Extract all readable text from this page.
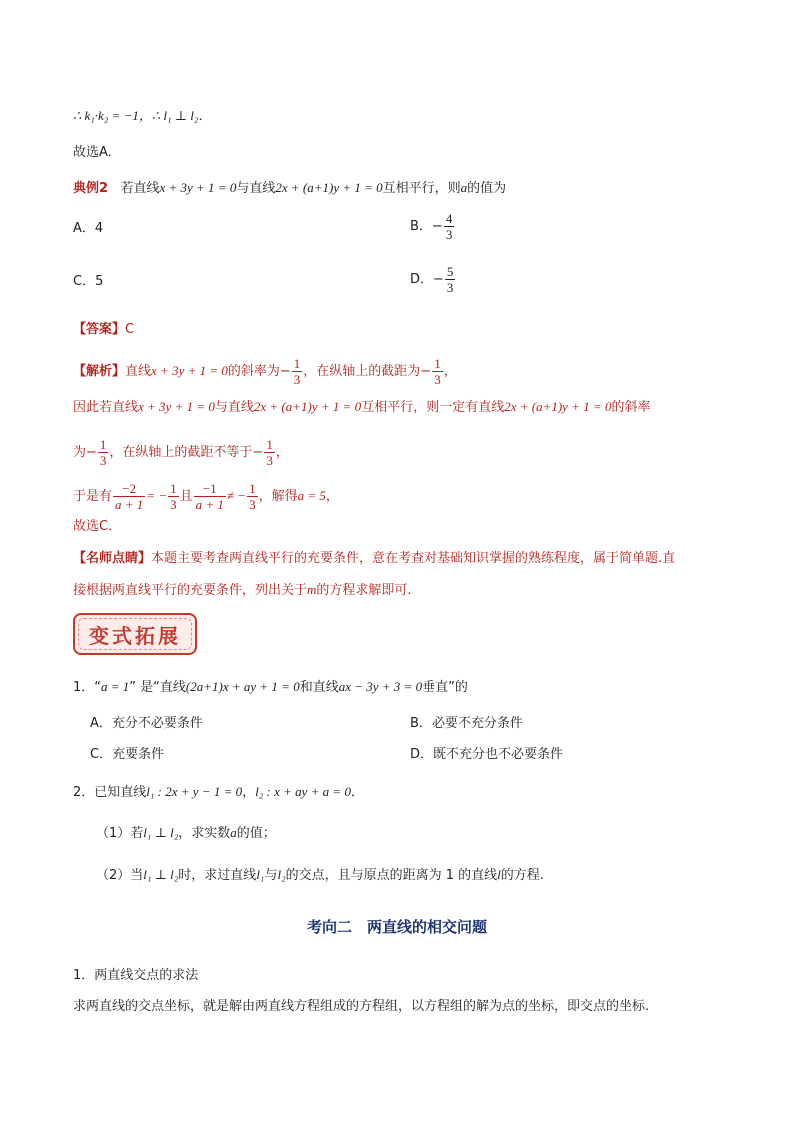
∴ k₁·k₂ = −1，∴ l₁ ⊥ l₂．
故选A.
典例2 若直线x + 3y + 1 = 0与直线2x + (a+1)y + 1 = 0互相平行，则a的值为
A．4	B．− $\frac{4}{3}$
C．5	D．− $\frac{5}{3}$
【答案】C
【解析】直线x + 3y + 1 = 0的斜率为− $\frac{1}{3}$ ，在纵轴上的截距为− $\frac{1}{3}$ ，
因此若直线x + 3y + 1 = 0与直线2x + (a+1)y + 1 = 0互相平行，则一定有直线2x + (a+1)y + 1 = 0的斜率
为− $\frac{1}{3}$ ，在纵轴上的截距不等于− $\frac{1}{3}$ ，
于是有 $\frac{-2}{a + 1}$ = − $\frac{1}{3}$ 且 $\frac{-1}{a + 1}$ ≠ − $\frac{1}{3}$ ，解得a = 5，
故选C．
【名师点睛】本题主要考查两直线平行的充要条件，意在考查对基础知识掌握的熟练程度，属于简单题.直
接根据两直线平行的充要条件，列出关于m的方程求解即可.
变式拓展
1．“a = 1” 是“直线(2a+1)x + ay + 1 = 0和直线ax − 3y + 3 = 0垂直”的
A．充分不必要条件	B．必要不充分条件
C．充要条件	D．既不充分也不必要条件
2．已知直线l₁ : 2x + y − 1 = 0，l₂ : x + ay + a = 0．
（1）若l₁ ⊥ l₂，求实数a的值；
（2）当l₁ ⊥ l₂时，求过直线l₁与l₂的交点，且与原点的距离为 1 的直线l的方程.
考向二　两直线的相交问题
1．两直线交点的求法
求两直线的交点坐标，就是解由两直线方程组成的方程组，以方程组的解为点的坐标，即交点的坐标.
